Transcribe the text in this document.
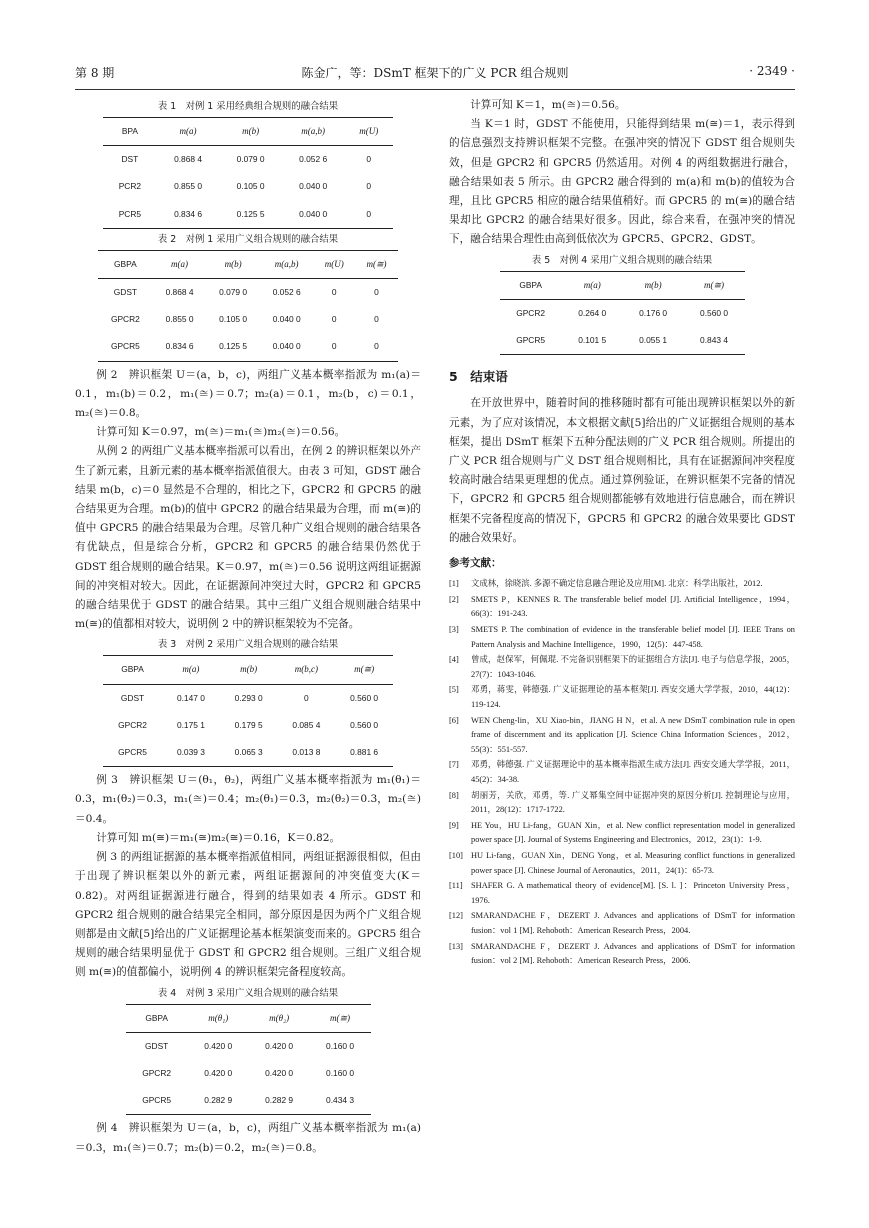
第 8 期	陈金广，等：DSmT 框架下的广义 PCR 组合规则	· 2349 ·
表 1　对例 1 采用经典组合规则的融合结果
BPA	m(a)	m(b)	m(a,b)	m(U)
DST	0.868 4	0.079 0	0.052 6	0
PCR2	0.855 0	0.105 0	0.040 0	0
PCR5	0.834 6	0.125 5	0.040 0	0
表 2　对例 1 采用广义组合规则的融合结果
GBPA	m(a)	m(b)	m(a,b)	m(U)	m(≅)
GDST	0.868 4	0.079 0	0.052 6	0	0
GPCR2	0.855 0	0.105 0	0.040 0	0	0
GPCR5	0.834 6	0.125 5	0.040 0	0	0

例 2　辨识框架 U＝(a，b，c)，两组广义基本概率指派为 m₁(a)＝0.1，m₁(b)＝0.2，m₁(≅)＝0.7；m₂(a)＝0.1，m₂(b，c)＝0.1，m₂(≅)＝0.8。

计算可知 K＝0.97，m(≅)＝m₁(≅)m₂(≅)＝0.56。

从例 2 的两组广义基本概率指派可以看出，在例 2 的辨识框架以外产生了新元素，且新元素的基本概率指派值很大。由表 3 可知，GDST 融合结果 m(b，c)＝0 显然是不合理的，相比之下，GPCR2 和 GPCR5 的融合结果更为合理。m(b)的值中 GPCR2 的融合结果最为合理，而 m(≅)的值中 GPCR5 的融合结果最为合理。尽管几种广义组合规则的融合结果各有优缺点，但是综合分析，GPCR2 和 GPCR5 的融合结果仍然优于 GDST 组合规则的融合结果。K＝0.97，m(≅)＝0.56 说明这两组证据源间的冲突相对较大。因此，在证据源间冲突过大时，GPCR2 和 GPCR5 的融合结果优于 GDST 的融合结果。其中三组广义组合规则融合结果中 m(≅)的值都相对较大，说明例 2 中的辨识框架较为不完备。

表 3　对例 2 采用广义组合规则的融合结果
GBPA	m(a)	m(b)	m(b,c)	m(≅)
GDST	0.147 0	0.293 0	0	0.560 0
GPCR2	0.175 1	0.179 5	0.085 4	0.560 0
GPCR5	0.039 3	0.065 3	0.013 8	0.881 6

例 3　辨识框架 U＝(θ₁，θ₂)，两组广义基本概率指派为 m₁(θ₁)＝0.3，m₁(θ₂)＝0.3，m₁(≅)＝0.4；m₂(θ₁)＝0.3，m₂(θ₂)＝0.3，m₂(≅)＝0.4。

计算可知 m(≅)＝m₁(≅)m₂(≅)＝0.16，K＝0.82。

例 3 的两组证据源的基本概率指派值相同，两组证据源很相似，但由于出现了辨识框架以外的新元素，两组证据源间的冲突值变大(K＝0.82)。对两组证据源进行融合，得到的结果如表 4 所示。GDST 和 GPCR2 组合规则的融合结果完全相同，部分原因是因为两个广义组合规则都是由文献[5]给出的广义证据理论基本框架演变而来的。GPCR5 组合规则的融合结果明显优于 GDST 和 GPCR2 组合规则。三组广义组合规则 m(≅)的值都偏小，说明例 4 的辨识框架完备程度较高。

表 4　对例 3 采用广义组合规则的融合结果
GBPA	m(θ₁)	m(θ₂)	m(≅)
GDST	0.420 0	0.420 0	0.160 0
GPCR2	0.420 0	0.420 0	0.160 0
GPCR5	0.282 9	0.282 9	0.434 3

例 4　辨识框架为 U＝(a，b，c)，两组广义基本概率指派为 m₁(a)＝0.3，m₁(≅)＝0.7；m₂(b)＝0.2，m₂(≅)＝0.8。

计算可知 K＝1，m(≅)＝0.56。

当 K＝1 时，GDST 不能使用，只能得到结果 m(≅)＝1，表示得到的信息强烈支持辨识框架不完整。在强冲突的情况下 GDST 组合规则失效，但是 GPCR2 和 GPCR5 仍然适用。对例 4 的两组数据进行融合，融合结果如表 5 所示。由 GPCR2 融合得到的 m(a)和 m(b)的值较为合理，且比 GPCR5 相应的融合结果值稍好。而 GPCR5 的 m(≅)的融合结果却比 GPCR2 的融合结果好很多。因此，综合来看，在强冲突的情况下，融合结果合理性由高到低依次为 GPCR5、GPCR2、GDST。

表 5　对例 4 采用广义组合规则的融合结果
GBPA	m(a)	m(b)	m(≅)
GPCR2	0.264 0	0.176 0	0.560 0
GPCR5	0.101 5	0.055 1	0.843 4
5　结束语

在开放世界中，随着时间的推移随时都有可能出现辨识框架以外的新元素，为了应对该情况，本文根据文献[5]给出的广义证据组合规则的基本框架，提出 DSmT 框架下五种分配法则的广义 PCR 组合规则。所提出的广义 PCR 组合规则与广义 DST 组合规则相比，具有在证据源间冲突程度较高时融合结果更理想的优点。通过算例验证，在辨识框架不完备的情况下，GPCR2 和 GPCR5 组合规则都能够有效地进行信息融合，而在辨识框架不完备程度高的情况下，GPCR5 和 GPCR2 的融合效果要比 GDST 的融合效果好。

参考文献：
[1]	文成林，徐晓滨. 多源不确定信息融合理论及应用[M]. 北京：科学出版社，2012.
[2]	SMETS P，KENNES R. The transferable belief model [J]. Artificial Intelligence，1994，66(3)：191-243.
[3]	SMETS P. The combination of evidence in the transferable belief model [J]. IEEE Trans on Pattern Analysis and Machine Intelligence，1990，12(5)：447-458.
[4]	曾成，赵保军，何佩琨. 不完备识别框架下的证据组合方法[J]. 电子与信息学报，2005，27(7)：1043-1046.
[5]	邓勇，蒋雯，韩德强. 广义证据理论的基本框架[J]. 西安交通大学学报，2010，44(12)：119-124.
[6]	WEN Cheng-lin，XU Xiao-bin，JIANG H N，et al. A new DSmT combination rule in open frame of discernment and its application [J]. Science China Information Sciences，2012，55(3)：551-557.
[7]	邓勇，韩德强. 广义证据理论中的基本概率指派生成方法[J]. 西安交通大学学报，2011，45(2)：34-38.
[8]	胡丽芳，关欣，邓勇，等. 广义幂集空间中证据冲突的原因分析[J]. 控制理论与应用，2011，28(12)：1717-1722.
[9]	HE You，HU Li-fang，GUAN Xin，et al. New conflict representation model in generalized power space [J]. Journal of Systems Engineering and Electronics，2012，23(1)：1-9.
[10] HU Li-fang，GUAN Xin，DENG Yong，et al. Measuring conflict functions in generalized power space [J]. Chinese Journal of Aeronautics，2011，24(1)：65-73.
[11] SHAFER G. A mathematical theory of evidence[M]. [S. l. ]：Princeton University Press，1976.
[12] SMARANDACHE F，DEZERT J. Advances and applications of DSmT for information fusion：vol 1 [M]. Rehoboth：American Research Press，2004.
[13] SMARANDACHE F，DEZERT J. Advances and applications of DSmT for information fusion：vol 2 [M]. Rehoboth：American Research Press，2006.
